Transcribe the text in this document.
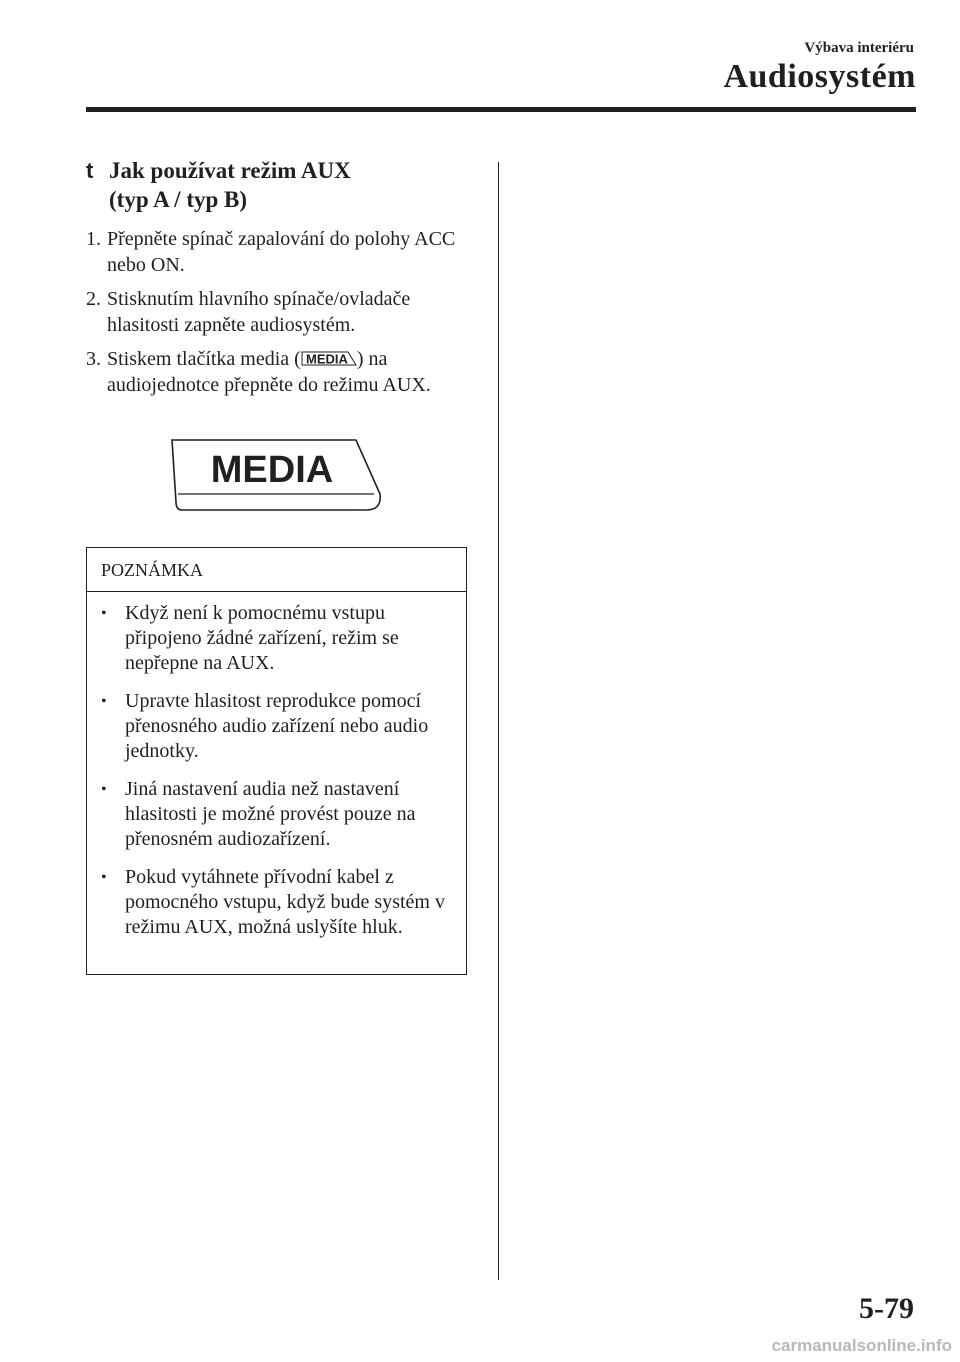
Výbava interiéru
Audiosystém
t Jak používat režim AUX
(typ A / typ B)
1. Přepněte spínač zapalování do polohy ACC nebo ON.
2. Stisknutím hlavního spínače/ovladače hlasitosti zapněte audiosystém.
3. Stiskem tlačítka media ( MEDIA ) na audiojednotce přepněte do režimu AUX.
MEDIA
POZNÁMKA
• Když není k pomocnému vstupu připojeno žádné zařízení, režim se nepřepne na AUX.
• Upravte hlasitost reprodukce pomocí přenosného audio zařízení nebo audio jednotky.
• Jiná nastavení audia než nastavení hlasitosti je možné provést pouze na přenosném audiozařízení.
• Pokud vytáhnete přívodní kabel z pomocného vstupu, když bude systém v režimu AUX, možná uslyšíte hluk.
5-79
carmanualsonline.info
